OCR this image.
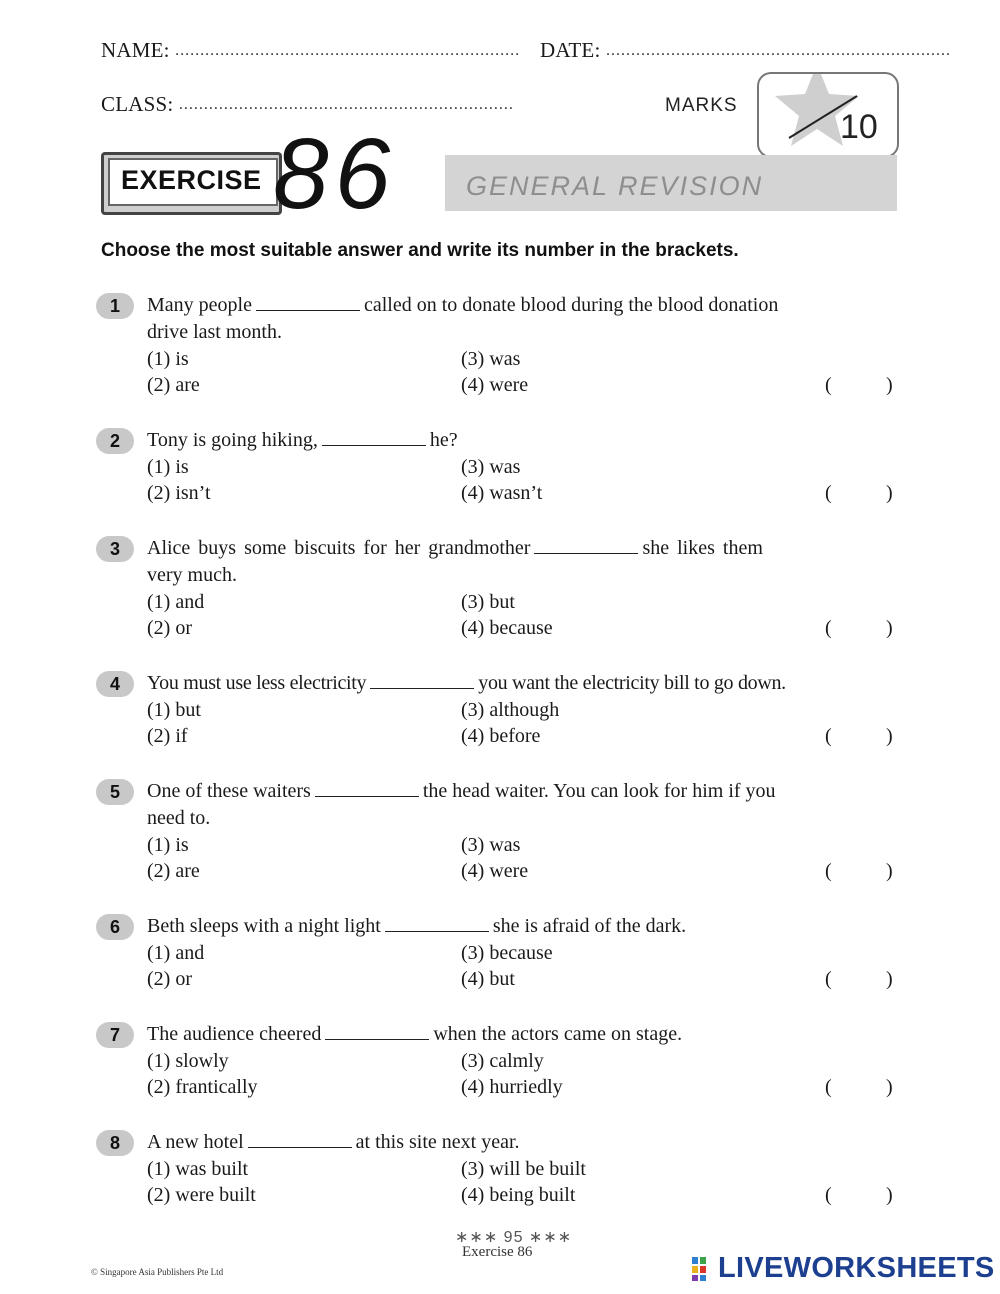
NAME: ..................................................................... DATE: .....................................................................
CLASS: ...................................................................	MARKS
10
EXERCISE 86	GENERAL REVISION
Choose the most suitable answer and write its number in the brackets.
1	Many people	called on to donate blood during the blood donation
drive last month.
(1) is	(3) was
(2) are	(4) were	(	)
2	Tony is going hiking,	he?
(1) is	(3) was
(2) isn’t	(4) wasn’t	(	)
3	Alice buys some biscuits for her grandmother	she likes them
very much.
(1) and	(3) but
(2) or	(4) because	(	)
4	You must use less electricity	you want the electricity bill to go down.
(1) but	(3) although
(2) if	(4) before	(	)
5	One of these waiters	the head waiter. You can look for him if you
need to.
(1) is	(3) was
(2) are	(4) were	(	)
6	Beth sleeps with a night light	she is afraid of the dark.
(1) and	(3) because
(2) or	(4) but	(	)
7	The audience cheered	when the actors came on stage.
(1) slowly	(3) calmly
(2) frantically	(4) hurriedly	(	)
8	A new hotel	at this site next year.
(1) was built	(3) will be built
(2) were built	(4) being built	(	)
∗∗∗ 95 ∗∗∗
Exercise 86
© Singapore Asia Publishers Pte Ltd	LIVEWORKSHEETS
